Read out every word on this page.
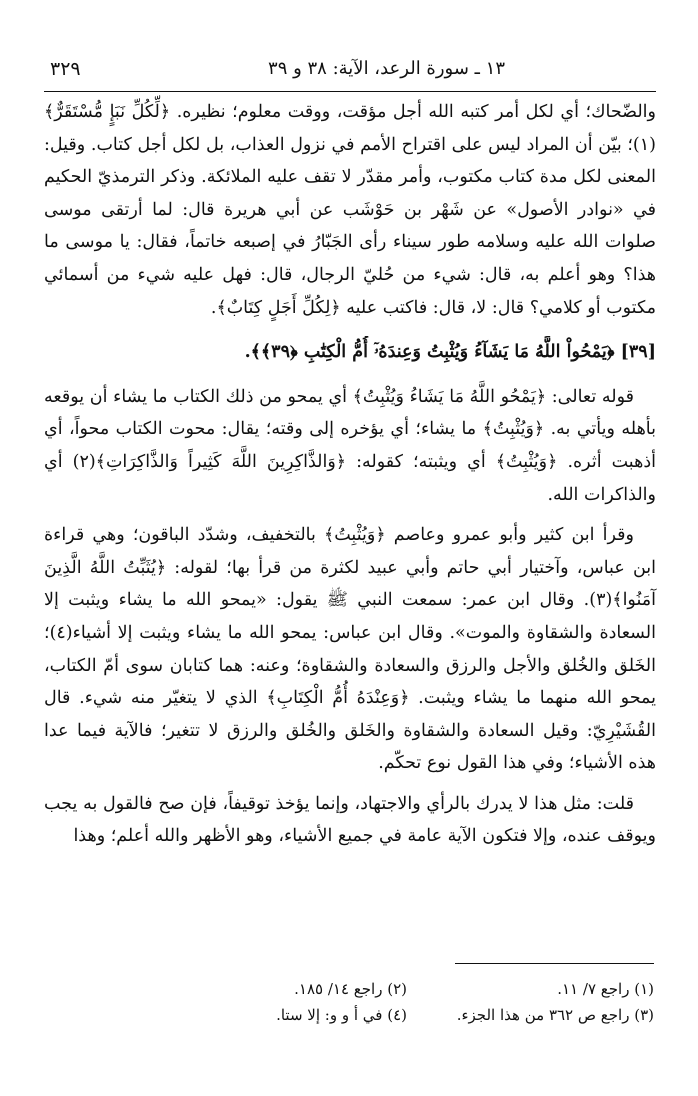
١٣ ـ سورة الرعد، الآية: ٣٨ و ٣٩
٣٢٩

والضّحاك؛ أي لكل أمر كتبه الله أجل مؤقت، ووقت معلوم؛ نظيره. ﴿لِّكُلِّ نَبَإٍ مُّسْتَقَرٌّ﴾(١)؛ بيّن أن المراد ليس على اقتراح الأمم في نزول العذاب، بل لكل أجل كتاب. وقيل: المعنى لكل مدة كتاب مكتوب، وأمر مقدّر لا تقف عليه الملائكة. وذكر الترمذيّ الحكيم في «نوادر الأصول» عن شَهْر بن حَوْشَب عن أبي هريرة قال: لما أرتقى موسى صلوات الله عليه وسلامه طور سيناء رأى الجَبّارُ في إصبعه خاتماً، فقال: يا موسى ما هذا؟ وهو أعلم به، قال: شيء من حُليّ الرجال، قال: فهل عليه شيء من أسمائي مكتوب أو كلامي؟ قال: لا، قال: فاكتب عليه ﴿لِكُلِّ أَجَلٍ كِتَابٌ﴾.

[٣٩] ﴿يَمْحُواْ اللَّهُ مَا يَشَآءُ وَيُثْبِتُ وَعِندَهُۥٓ أُمُّ الْكِتَٰبِ ﴿٣٩﴾﴾.

قوله تعالى: ﴿يَمْحُو اللَّهُ مَا يَشَاءُ وَيُثْبِتُ﴾ أي يمحو من ذلك الكتاب ما يشاء أن يوقعه بأهله ويأتي به. ﴿وَيُثْبِتُ﴾ ما يشاء؛ أي يؤخره إلى وقته؛ يقال: محوت الكتاب محواً، أي أذهبت أثره. ﴿وَيُثْبِتُ﴾ أي ويثبته؛ كقوله: ﴿وَالذَّاكِرِينَ اللَّهَ كَثِيراً وَالذَّاكِرَاتِ﴾(٢) أي والذاكرات الله.

وقرأ ابن كثير وأبو عمرو وعاصم ﴿وَيُثْبِتُ﴾ بالتخفيف، وشدّد الباقون؛ وهي قراءة ابن عباس، وآختيار أبي حاتم وأبي عبيد لكثرة من قرأ بها؛ لقوله: ﴿يُثَبِّتُ اللَّهُ الَّذِينَ آمَنُوا﴾(٣). وقال ابن عمر: سمعت النبي ﷺ يقول: «يمحو الله ما يشاء ويثبت إلا السعادة والشقاوة والموت». وقال ابن عباس: يمحو الله ما يشاء ويثبت إلا أشياء(٤)؛ الخَلق والخُلق والأجل والرزق والسعادة والشقاوة؛ وعنه: هما كتابان سوى أمّ الكتاب، يمحو الله منهما ما يشاء ويثبت. ﴿وَعِنْدَهُ أُمُّ الْكِتَابِ﴾ الذي لا يتغيّر منه شيء. قال القُشَيْرِيّ: وقيل السعادة والشقاوة والخَلق والخُلق والرزق لا تتغير؛ فالآية فيما عدا هذه الأشياء؛ وفي هذا القول نوع تحكّم.

قلت: مثل هذا لا يدرك بالرأي والاجتهاد، وإنما يؤخذ توقيفاً، فإن صح فالقول به يجب ويوقف عنده، وإلا فتكون الآية عامة في جميع الأشياء، وهو الأظهر والله أعلم؛ وهذا

(١) راجع ٧/ ١١.
(٢) راجع ١٤/ ١٨٥.
(٣) راجع ص ٣٦٢ من هذا الجزء.
(٤) في أ و و: إلا ستا.
